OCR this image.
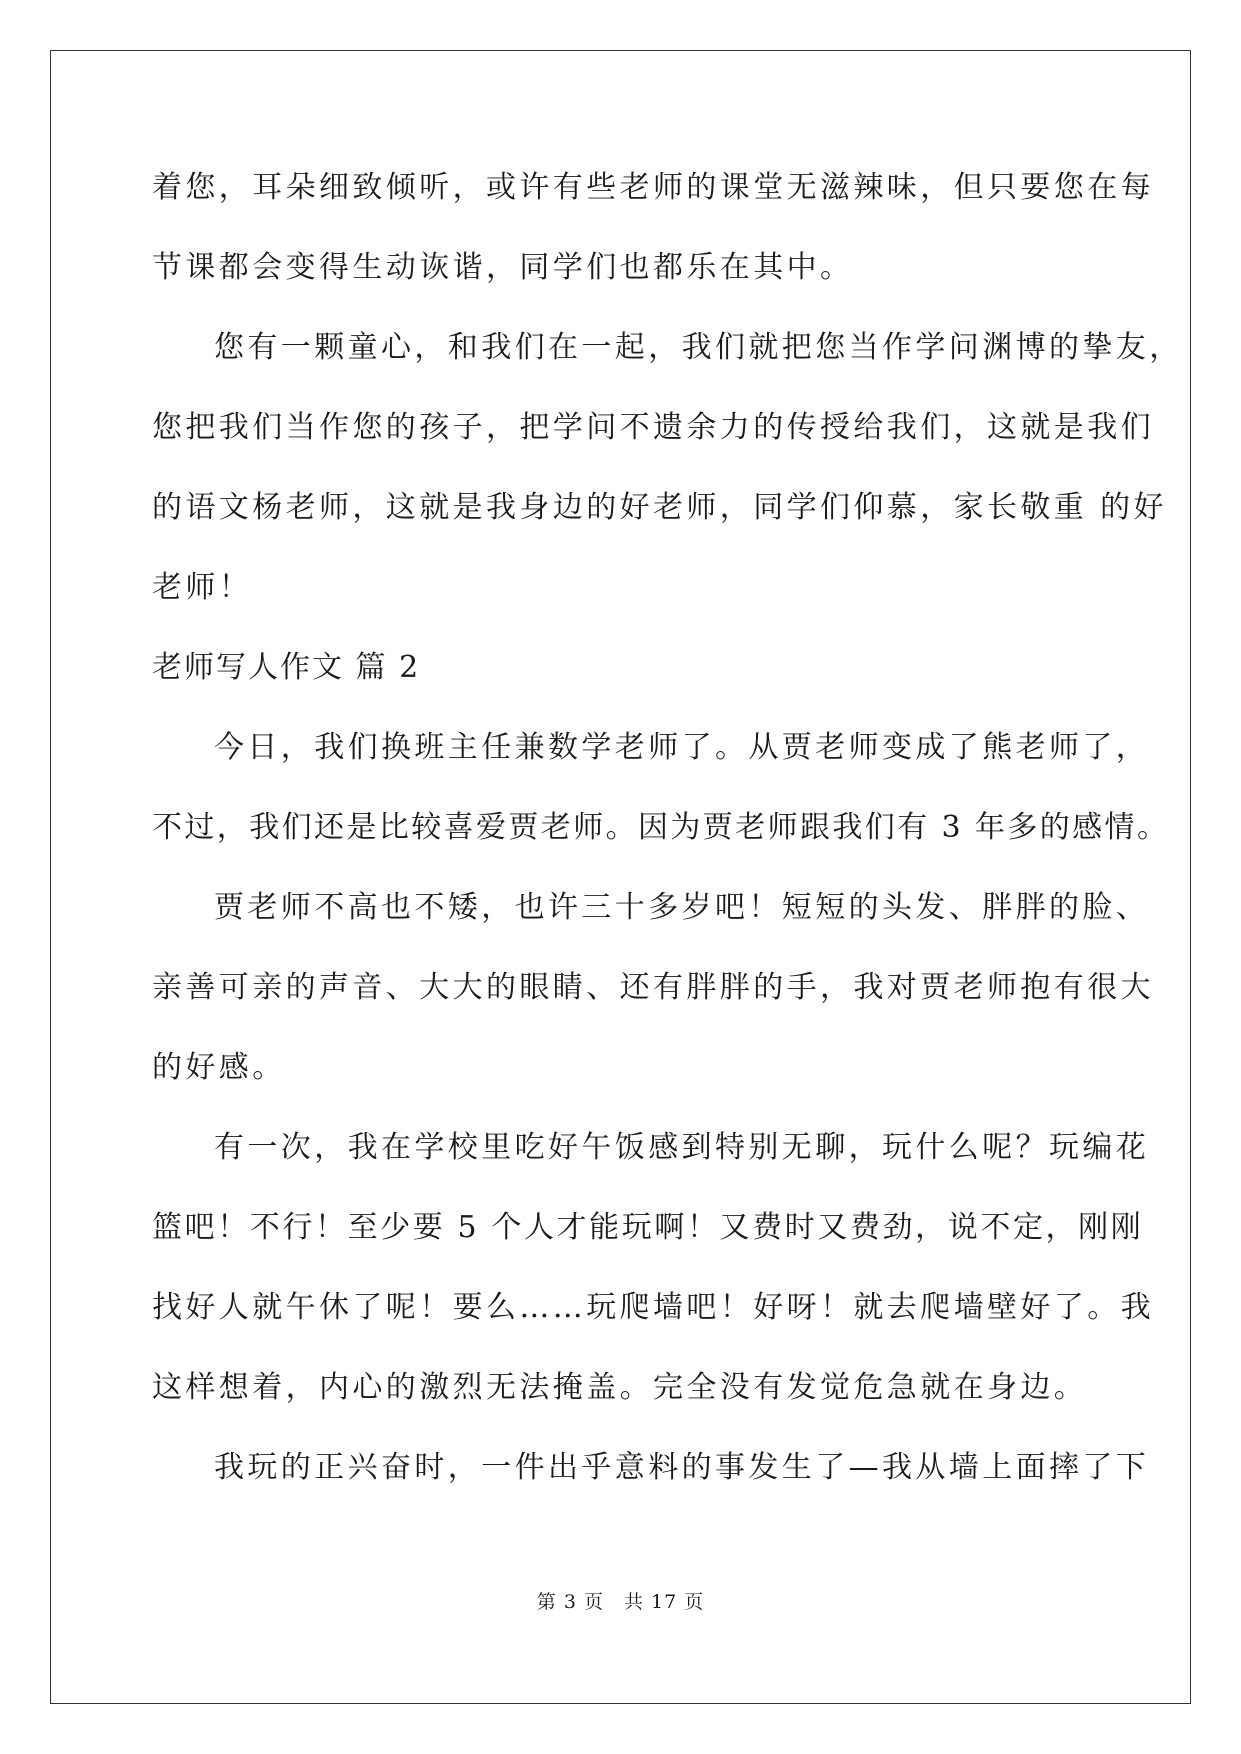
着您，耳朵细致倾听，或许有些老师的课堂无滋辣味，但只要您在每
节课都会变得生动诙谐，同学们也都乐在其中。
您有一颗童心，和我们在一起，我们就把您当作学问渊博的挚友，
您把我们当作您的孩子，把学问不遗余力的传授给我们，这就是我们
的语文杨老师，这就是我身边的好老师，同学们仰慕，家长敬重 的好
老师！
老师写人作文 篇 2
今日，我们换班主任兼数学老师了。从贾老师变成了熊老师了，
不过，我们还是比较喜爱贾老师。因为贾老师跟我们有 3 年多的感情。
贾老师不高也不矮，也许三十多岁吧！短短的头发、胖胖的脸、
亲善可亲的声音、大大的眼睛、还有胖胖的手，我对贾老师抱有很大
的好感。
有一次，我在学校里吃好午饭感到特别无聊，玩什么呢？玩编花
篮吧！不行！至少要 5 个人才能玩啊！又费时又费劲，说不定，刚刚
找好人就午休了呢！要么……玩爬墙吧！好呀！就去爬墙壁好了。我
这样想着，内心的激烈无法掩盖。完全没有发觉危急就在身边。
我玩的正兴奋时，一件出乎意料的事发生了—我从墙上面摔了下
第 3 页 共 17 页
